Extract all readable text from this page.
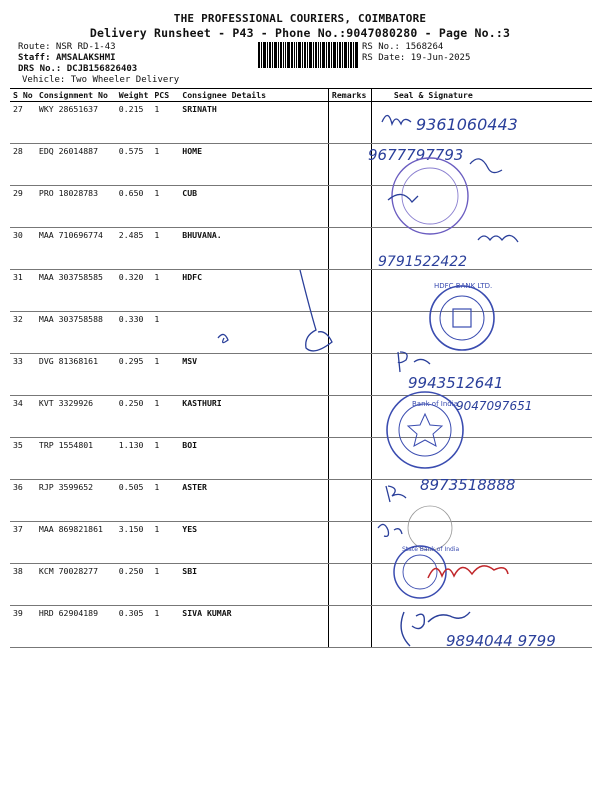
THE PROFESSIONAL COURIERS, COIMBATORE
Delivery Runsheet - P43 - Phone No.:9047080280 - Page No.:3
Route: NSR RD-1-43
Staff: AMSALAKSHMI
DRS No.: DCJB156826403
Vehicle: Two Wheeler Delivery
RS No.: 1568264
RS Date: 19-Jun-2025
S No	Consignment No	Weight	PCS	Consignee Details	Remarks	Seal & Signature
27	WKY 28651637	0.215	1	SRINATH		
28	EDQ 26014887	0.575	1	HOME		
29	PRO 18028783	0.650	1	CUB		
30	MAA 710696774	2.485	1	BHUVANA.		
31	MAA 303758585	0.320	1	HDFC		
32	MAA 303758588	0.330	1			
33	DVG 81368161	0.295	1	MSV		
34	KVT 3329926	0.250	1	KASTHURI		
35	TRP 1554801	1.130	1	BOI		
36	RJP 3599652	0.505	1	ASTER		
37	MAA 869821861	3.150	1	YES		
38	KCM 70028277	0.250	1	SBI		
39	HRD 62904189	0.305	1	SIVA KUMAR		
9361060443
9677797793
9791522422
HDFC BANK LTD.
9943512641
Bank of India
9047097651
8973518888
State Bank of India
9894044 9799
